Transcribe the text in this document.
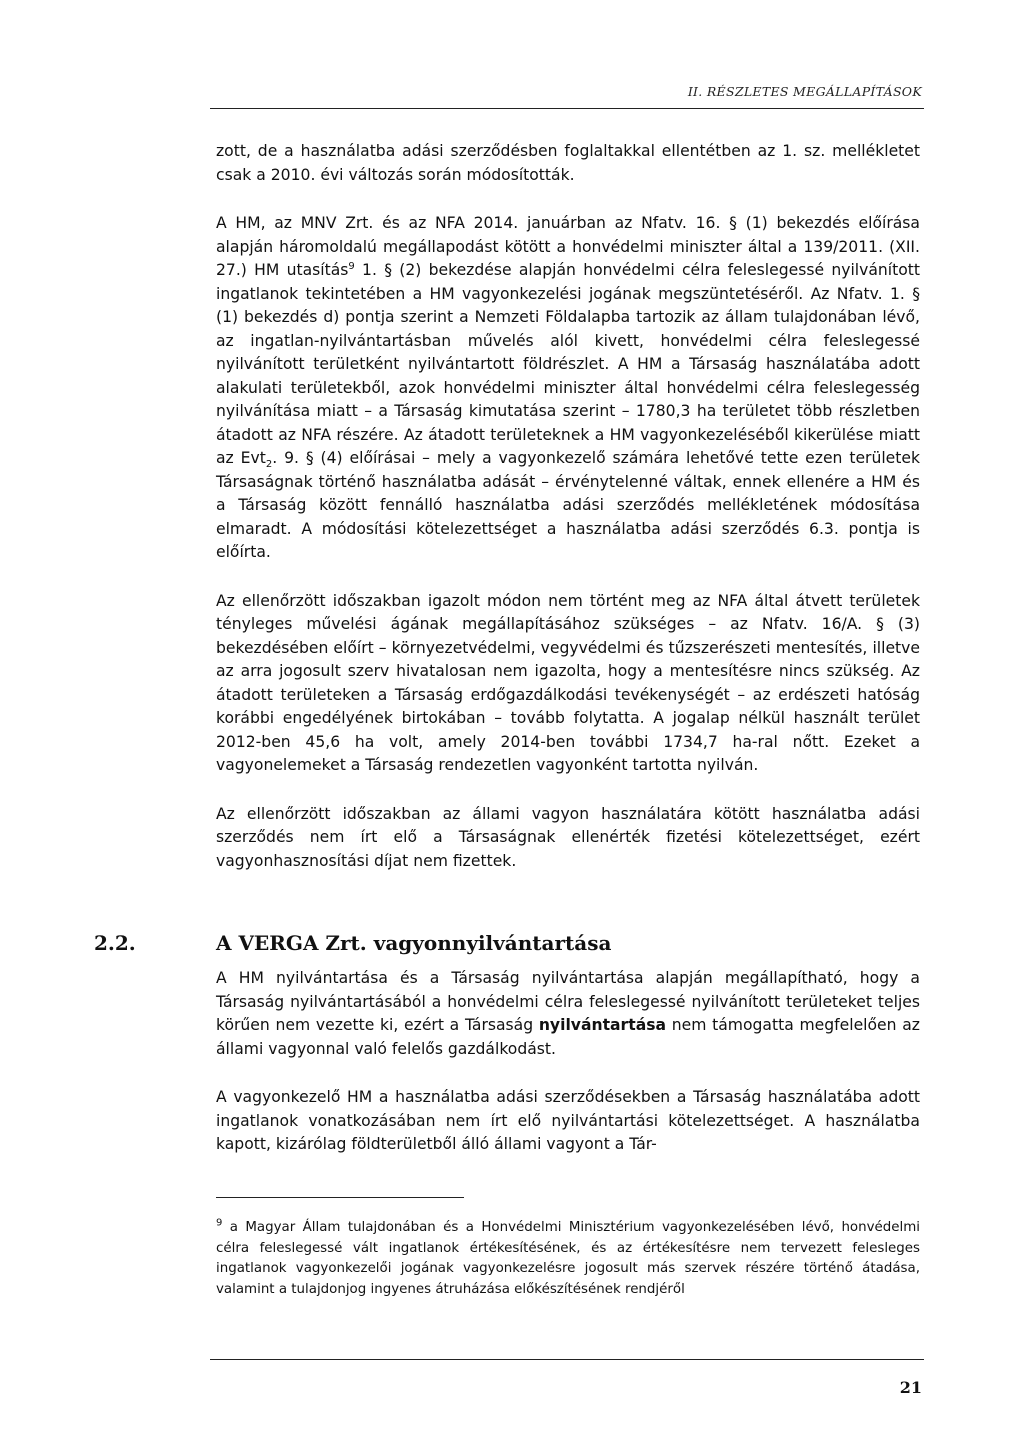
II. RÉSZLETES MEGÁLLAPÍTÁSOK

zott, de a használatba adási szerződésben foglaltakkal ellentétben az 1. sz. mellékletet csak a 2010. évi változás során módosították.

A HM, az MNV Zrt. és az NFA 2014. januárban az Nfatv. 16. § (1) bekezdés előírása alapján háromoldalú megállapodást kötött a honvédelmi miniszter által a 139/2011. (XII. 27.) HM utasítás$^9$ 1. § (2) bekezdése alapján honvédelmi célra feleslegessé nyilvánított ingatlanok tekintetében a HM vagyonkezelési jogának megszüntetéséről. Az Nfatv. 1. § (1) bekezdés d) pontja szerint a Nemzeti Földalapba tartozik az állam tulajdonában lévő, az ingatlan-nyilvántartásban művelés alól kivett, honvédelmi célra feleslegessé nyilvánított területként nyilvántartott földrészlet. A HM a Társaság használatába adott alakulati területekből, azok honvédelmi miniszter által honvédelmi célra feleslegesség nyilvánítása miatt – a Társaság kimutatása szerint – 1780,3 ha területet több részletben átadott az NFA részére. Az átadott területeknek a HM vagyonkezeléséből kikerülése miatt az Evt$_2$. 9. § (4) előírásai – mely a vagyonkezelő számára lehetővé tette ezen területek Társaságnak történő használatba adását – érvénytelenné váltak, ennek ellenére a HM és a Társaság között fennálló használatba adási szerződés mellékletének módosítása elmaradt. A módosítási kötelezettséget a használatba adási szerződés 6.3. pontja is előírta.

Az ellenőrzött időszakban igazolt módon nem történt meg az NFA által átvett területek tényleges művelési ágának megállapításához szükséges – az Nfatv. 16/A. § (3) bekezdésében előírt – környezetvédelmi, vegyvédelmi és tűzszerészeti mentesítés, illetve az arra jogosult szerv hivatalosan nem igazolta, hogy a mentesítésre nincs szükség. Az átadott területeken a Társaság erdőgazdálkodási tevékenységét – az erdészeti hatóság korábbi engedélyének birtokában – tovább folytatta. A jogalap nélkül használt terület 2012-ben 45,6 ha volt, amely 2014-ben további 1734,7 ha-ral nőtt. Ezeket a vagyonelemeket a Társaság rendezetlen vagyonként tartotta nyilván.

Az ellenőrzött időszakban az állami vagyon használatára kötött használatba adási szerződés nem írt elő a Társaságnak ellenérték fizetési kötelezettséget, ezért vagyonhasznosítási díjat nem fizettek.

2.2.	A VERGA Zrt. vagyonnyilvántartása

A HM nyilvántartása és a Társaság nyilvántartása alapján megállapítható, hogy a Társaság nyilvántartásából a honvédelmi célra feleslegessé nyilvánított területeket teljes körűen nem vezette ki, ezért a Társaság nyilvántartása nem támogatta megfelelően az állami vagyonnal való felelős gazdálkodást.

A vagyonkezelő HM a használatba adási szerződésekben a Társaság használatába adott ingatlanok vonatkozásában nem írt elő nyilvántartási kötelezettséget. A használatba kapott, kizárólag földterületből álló állami vagyont a Tár-

$^9$ a Magyar Állam tulajdonában és a Honvédelmi Minisztérium vagyonkezelésében lévő, honvédelmi célra feleslegessé vált ingatlanok értékesítésének, és az értékesítésre nem tervezett felesleges ingatlanok vagyonkezelői jogának vagyonkezelésre jogosult más szervek részére történő átadása, valamint a tulajdonjog ingyenes átruházása előkészítésének rendjéről
21
